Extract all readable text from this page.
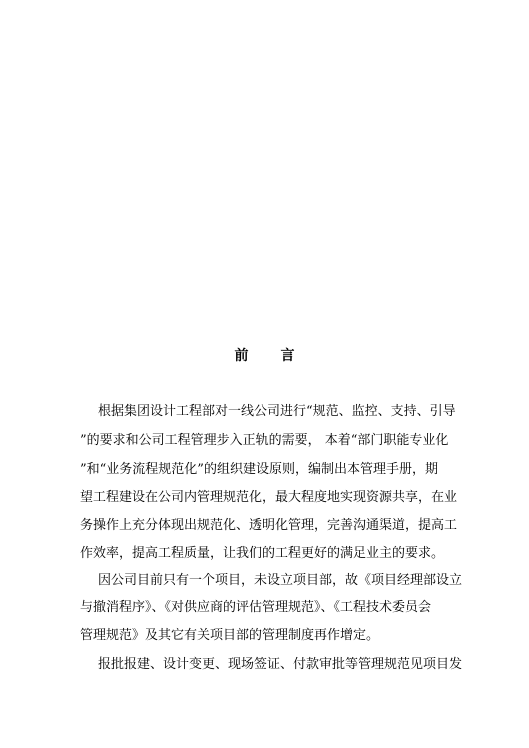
前 言
根据集团设计工程部对一线公司进行“规范、监控、支持、引导
”的要求和公司工程管理步入正轨的需要， 本着“部门职能专业化
”和“业务流程规范化”的组织建设原则，编制出本管理手册，期
望工程建设在公司内管理规范化，最大程度地实现资源共享，在业
务操作上充分体现出规范化、透明化管理，完善沟通渠道，提高工
作效率，提高工程质量，让我们的工程更好的满足业主的要求。
因公司目前只有一个项目，未设立项目部，故《项目经理部设立
与撤消程序》、《对供应商的评估管理规范》、《工程技术委员会
管理规范》及其它有关项目部的管理制度再作增定。
报批报建、设计变更、现场签证、付款审批等管理规范见项目发
